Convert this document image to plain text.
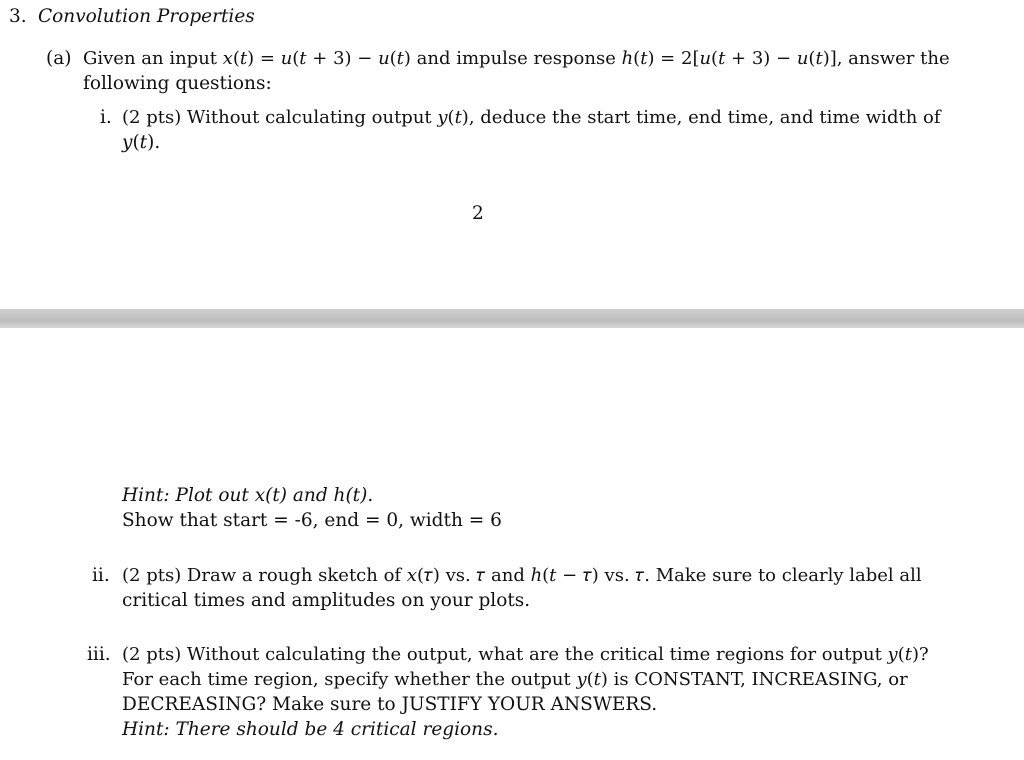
3. Convolution Properties
(a) Given an input 𝑥(𝑡) = 𝑢(𝑡 + 3) − 𝑢(𝑡) and impulse response ℎ(𝑡) = 2[𝑢(𝑡 + 3) − 𝑢(𝑡)], answer the
following questions:
i. (2 pts) Without calculating output 𝑦(𝑡), deduce the start time, end time, and time width of
𝑦(𝑡).
2
Hint: Plot out 𝑥(𝑡) and ℎ(𝑡).
Show that start = -6, end = 0, width = 6
ii. (2 pts) Draw a rough sketch of 𝑥(𝜏) vs. 𝜏 and ℎ(𝑡 − 𝜏) vs. 𝜏. Make sure to clearly label all
critical times and amplitudes on your plots.
iii. (2 pts) Without calculating the output, what are the critical time regions for output 𝑦(𝑡)?
For each time region, specify whether the output 𝑦(𝑡) is CONSTANT, INCREASING, or
DECREASING? Make sure to JUSTIFY YOUR ANSWERS.
Hint: There should be 4 critical regions.
